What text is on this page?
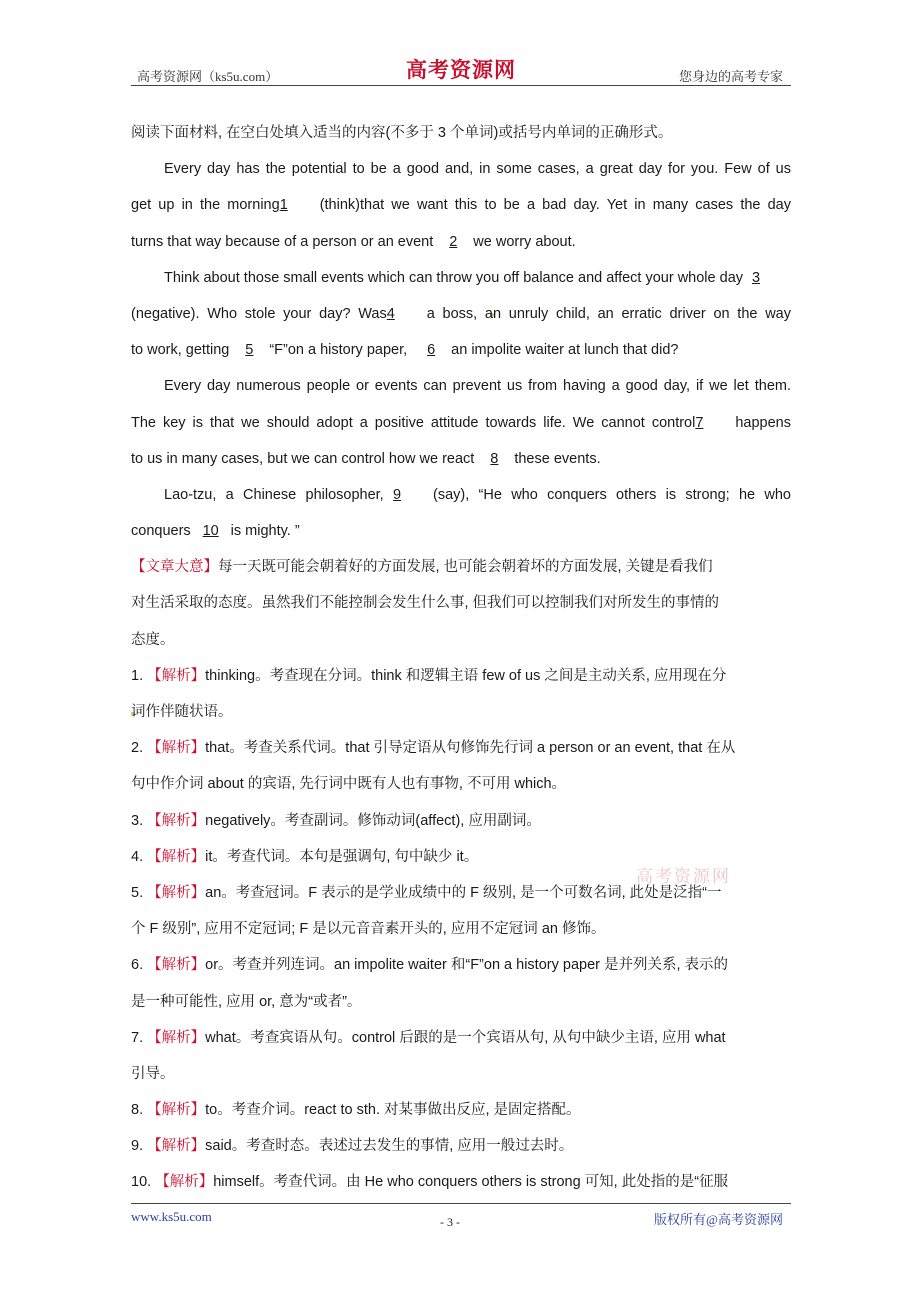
高考资源网（ks5u.com）	高考资源网	您身边的高考专家
高考资源网
阅读下面材料, 在空白处填入适当的内容(不多于 3 个单词)或括号内单词的正确形式。
Every day has the potential to be a good and, in some cases, a great day for you. Few of us
get up in the morning1 (think)that we want this to be a bad day. Yet in many cases the day
turns that way because of a person or an event 2 we worry about.
Think about those small events which can throw you off balance and affect your whole day 3
(negative). Who stole your day? Was4 a boss, an unruly child, an erratic driver on the way
to work, getting 5 “F”on a history paper, 6 an impolite waiter at lunch that did?
Every day numerous people or events can prevent us from having a good day, if we let them.
The key is that we should adopt a positive attitude towards life. We cannot control7 happens
to us in many cases, but we can control how we react 8 these events.
Lao-tzu, a Chinese philosopher, 9 (say), “He who conquers others is strong; he who
conquers 10 is mighty. ”
【文章大意】每一天既可能会朝着好的方面发展, 也可能会朝着坏的方面发展, 关键是看我们
对生活采取的态度。虽然我们不能控制会发生什么事, 但我们可以控制我们对所发生的事情的
态度。
1. 【解析】thinking。考查现在分词。think 和逻辑主语 few of us 之间是主动关系, 应用现在分
词作伴随状语。
2. 【解析】that。考查关系代词。that 引导定语从句修饰先行词 a person or an event, that 在从
句中作介词 about 的宾语, 先行词中既有人也有事物, 不可用 which。
3. 【解析】negatively。考查副词。修饰动词(affect), 应用副词。
4. 【解析】it。考查代词。本句是强调句, 句中缺少 it。
5. 【解析】an。考查冠词。F 表示的是学业成绩中的 F 级别, 是一个可数名词, 此处是泛指“一
个 F 级别”, 应用不定冠词; F 是以元音音素开头的, 应用不定冠词 an 修饰。
6. 【解析】or。考查并列连词。an impolite waiter 和“F”on a history paper 是并列关系, 表示的
是一种可能性, 应用 or, 意为“或者”。
7. 【解析】what。考查宾语从句。control 后跟的是一个宾语从句, 从句中缺少主语, 应用 what
引导。
8. 【解析】to。考查介词。react to sth. 对某事做出反应, 是固定搭配。
9. 【解析】said。考查时态。表述过去发生的事情, 应用一般过去时。
10. 【解析】himself。考查代词。由 He who conquers others is strong 可知, 此处指的是“征服
www.ks5u.com	- 3 -	版权所有@高考资源网
